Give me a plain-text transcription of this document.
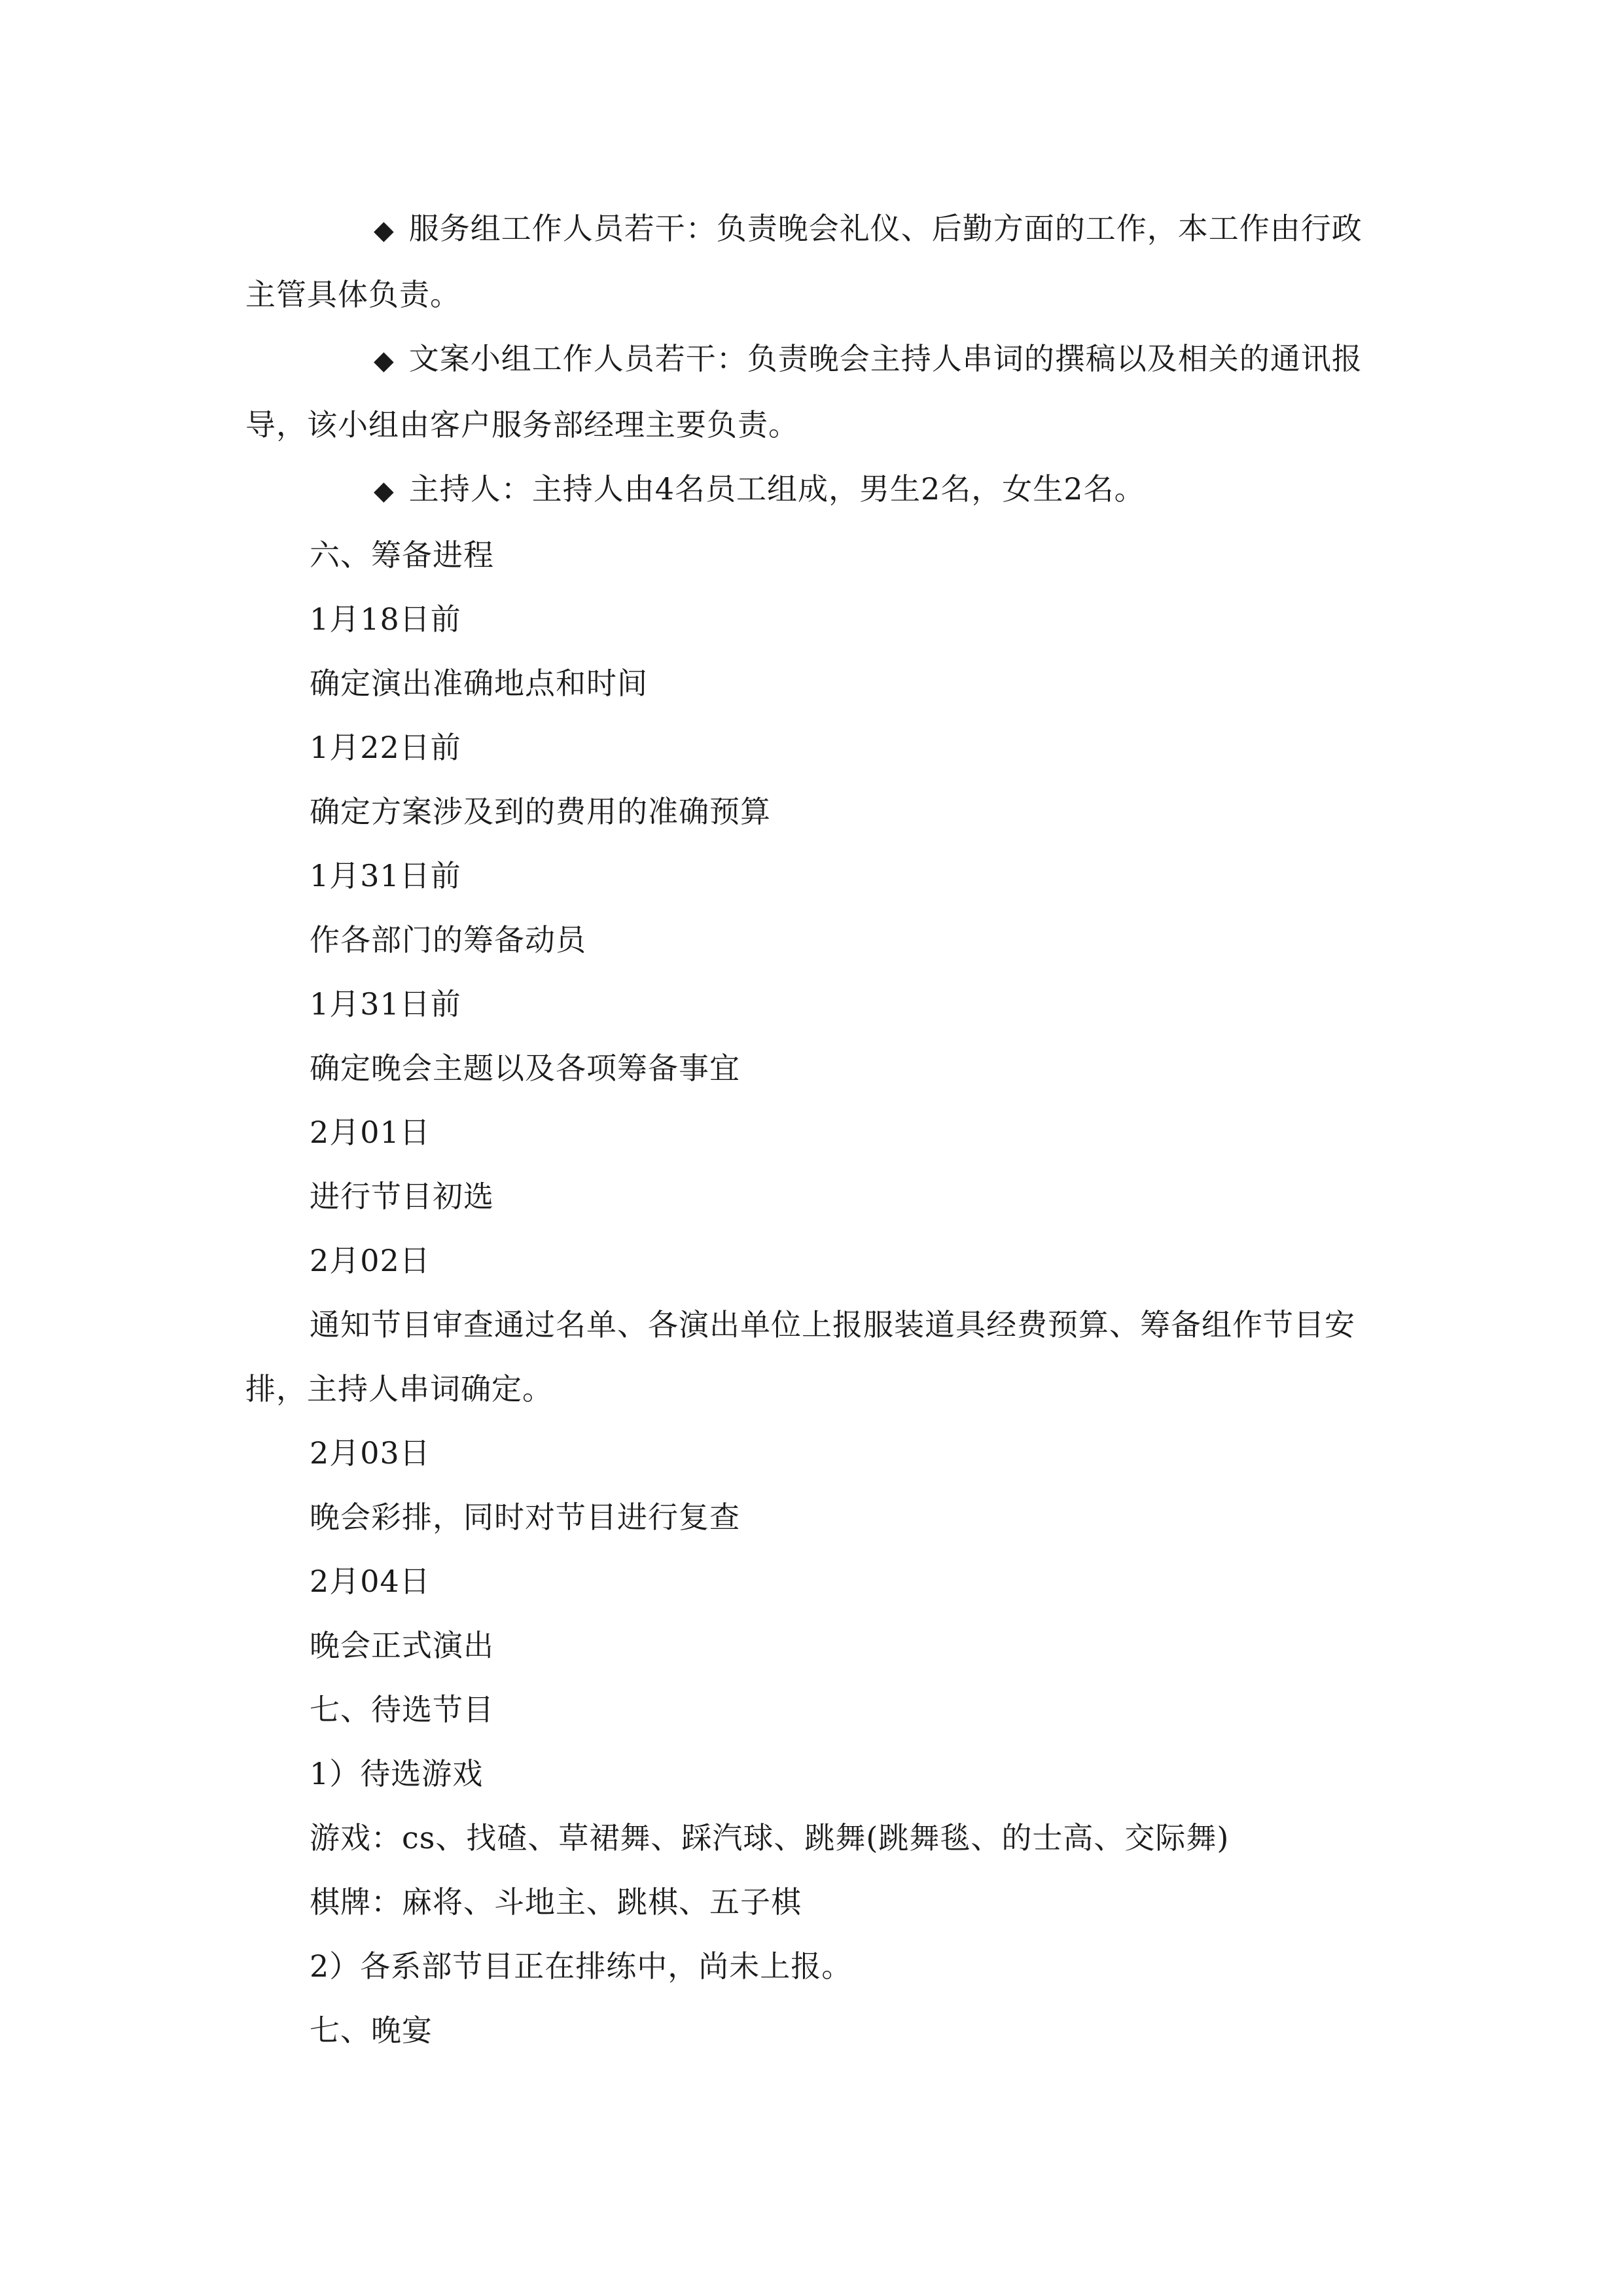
◆ 服务组工作人员若干：负责晚会礼仪、后勤方面的工作，本工作由行政主管具体负责。

◆ 文案小组工作人员若干：负责晚会主持人串词的撰稿以及相关的通讯报导，该小组由客户服务部经理主要负责。

◆ 主持人：主持人由4名员工组成，男生2名，女生2名。

六、筹备进程

1月18日前

确定演出准确地点和时间

1月22日前

确定方案涉及到的费用的准确预算

1月31日前

作各部门的筹备动员

1月31日前

确定晚会主题以及各项筹备事宜

2月01日

进行节目初选

2月02日

通知节目审查通过名单、各演出单位上报服装道具经费预算、筹备组作节目安排，主持人串词确定。

2月03日

晚会彩排，同时对节目进行复查

2月04日

晚会正式演出

七、待选节目

1）待选游戏

游戏：cs、找碴、草裙舞、踩汽球、跳舞(跳舞毯、的士高、交际舞)

棋牌：麻将、斗地主、跳棋、五子棋

2）各系部节目正在排练中，尚未上报。

七、晚宴
